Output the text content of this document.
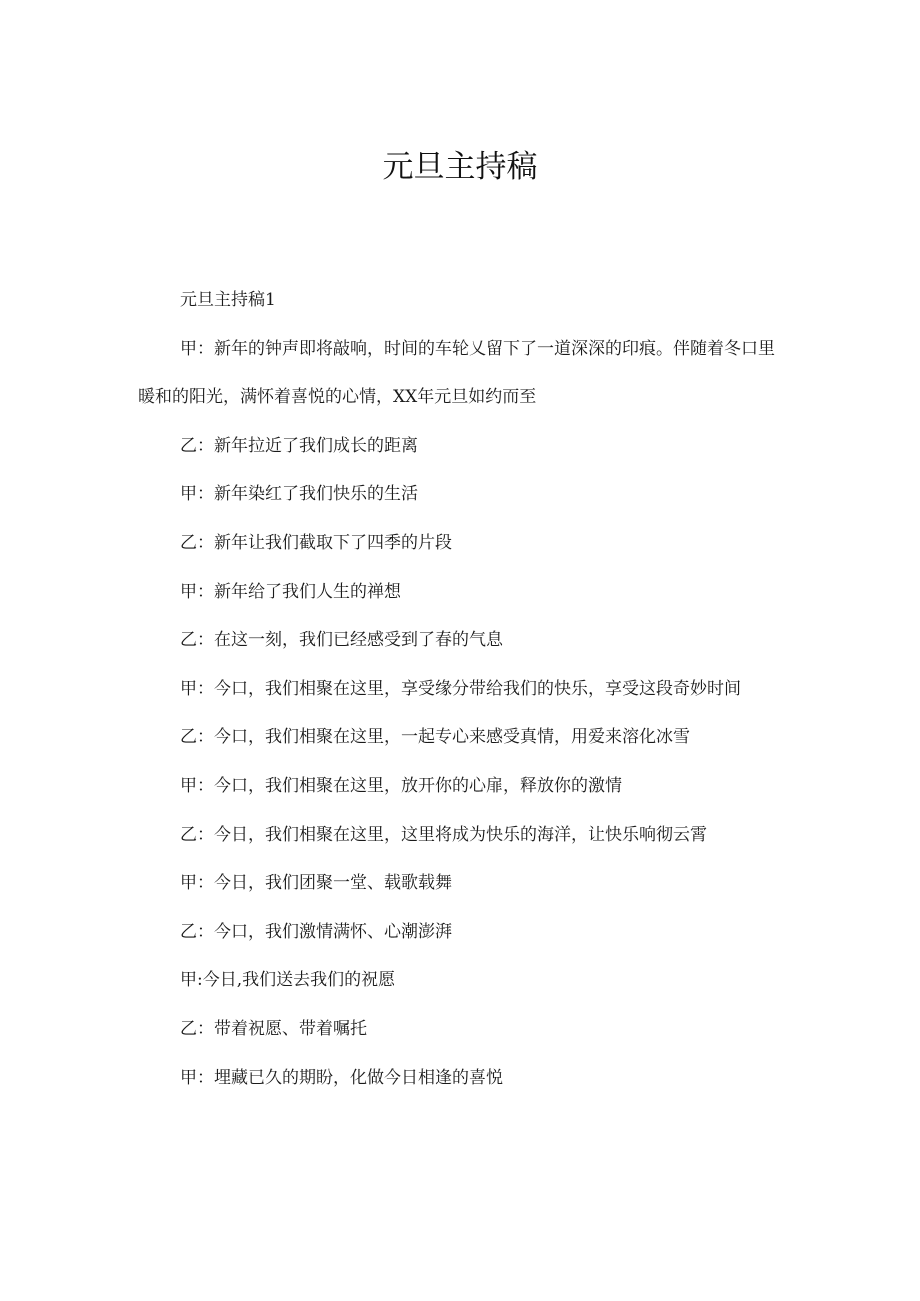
元旦主持稿

元旦主持稿1

甲：新年的钟声即将敲响，时间的车轮乂留下了一道深深的印痕。伴随着冬口里暖和的阳光，满怀着喜悦的心情，XX年元旦如约而至

乙：新年拉近了我们成长的距离

甲：新年染红了我们快乐的生活

乙：新年让我们截取下了四季的片段

甲：新年给了我们人生的禅想

乙：在这一刻，我们已经感受到了春的气息

甲：今口，我们相聚在这里，享受缘分带给我们的快乐，享受这段奇妙时间

乙：今口，我们相聚在这里，一起专心来感受真情，用爱来溶化冰雪

甲：今口，我们相聚在这里，放开你的心扉，释放你的激情

乙：今日，我们相聚在这里，这里将成为快乐的海洋，让快乐响彻云霄

甲：今日，我们团聚一堂、载歌载舞

乙：今口，我们激情满怀、心潮澎湃

甲:今日,我们送去我们的祝愿

乙：带着祝愿、带着嘱托

甲：埋藏已久的期盼，化做今日相逢的喜悦
